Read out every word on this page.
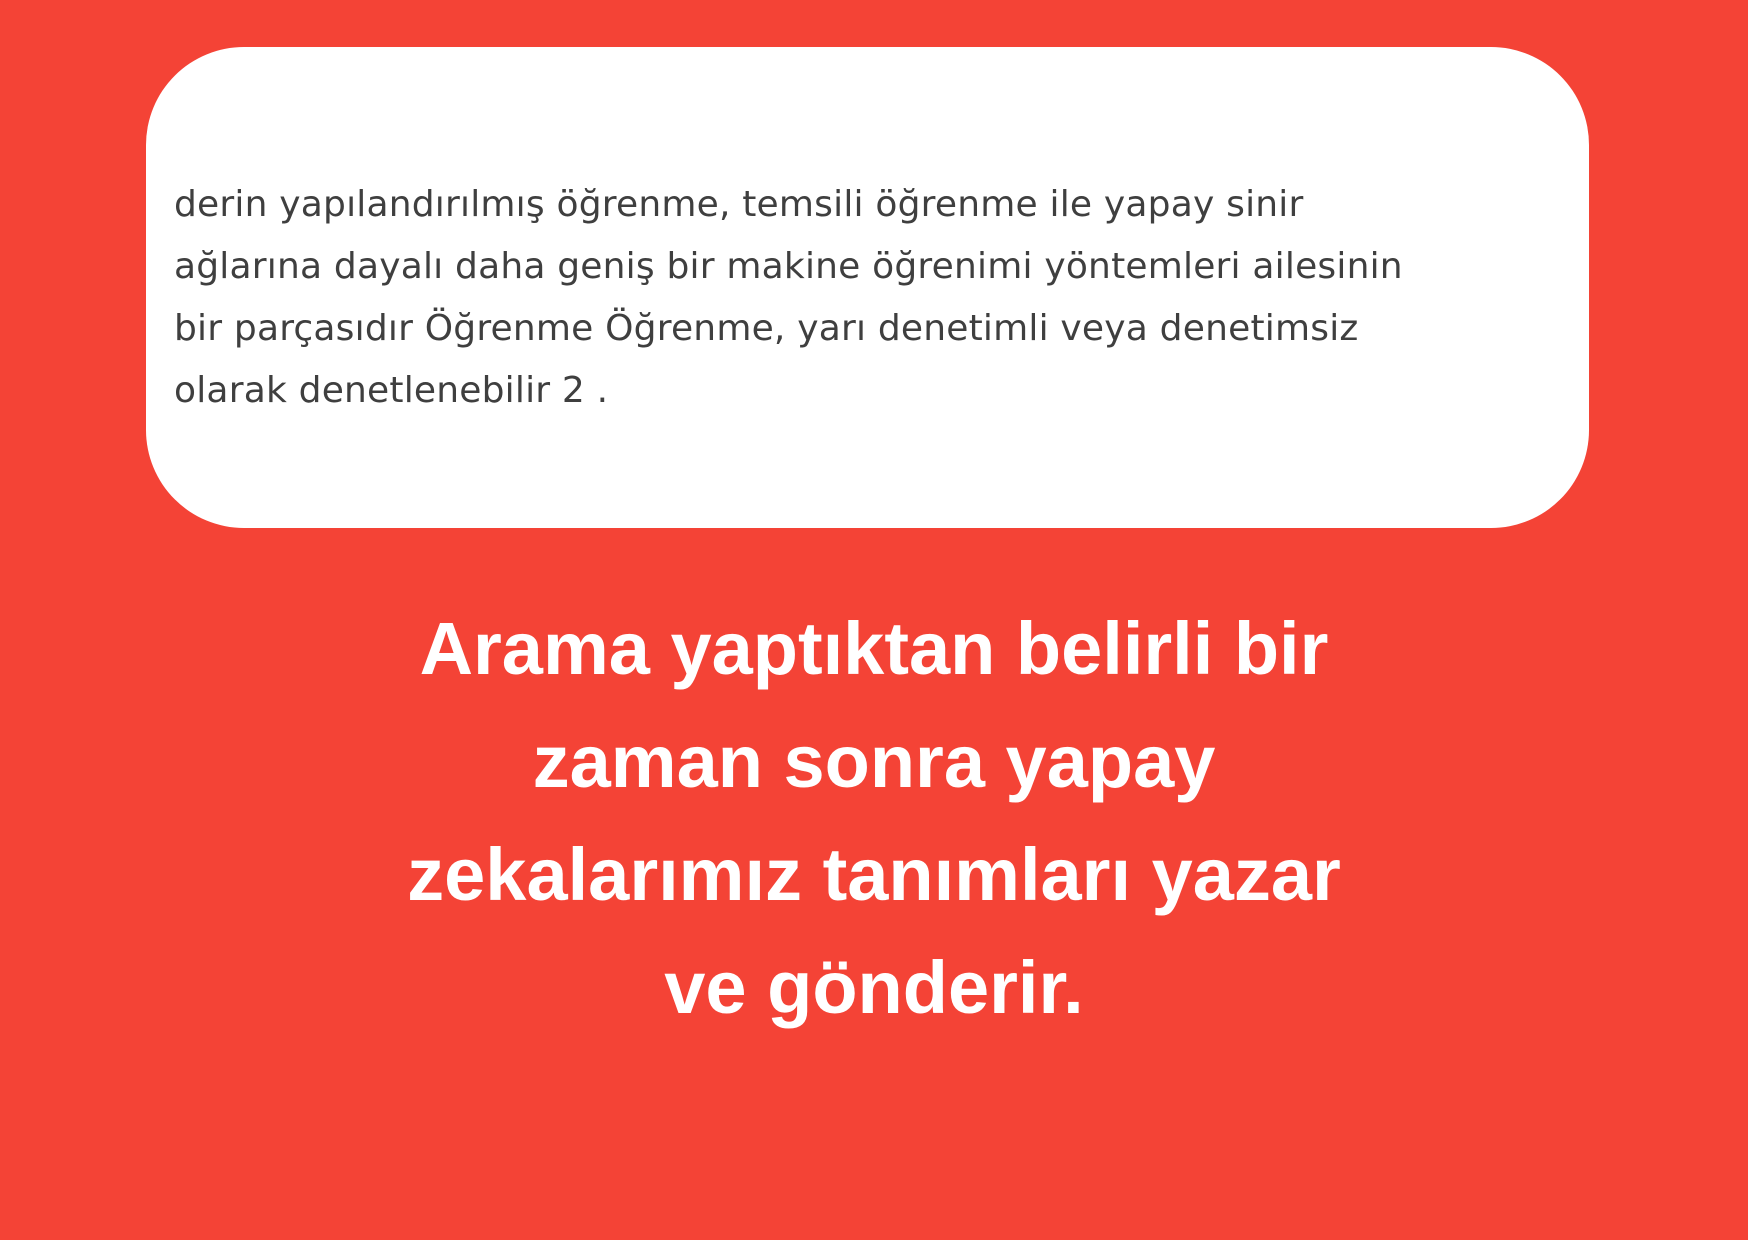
derin yapılandırılmış öğrenme, temsili öğrenme ile yapay sinir
ağlarına dayalı daha geniş bir makine öğrenimi yöntemleri ailesinin
bir parçasıdır Öğrenme Öğrenme, yarı denetimli veya denetimsiz
olarak denetlenebilir 2 .

Arama yaptıktan belirli bir
zaman sonra yapay
zekalarımız tanımları yazar
ve gönderir.
